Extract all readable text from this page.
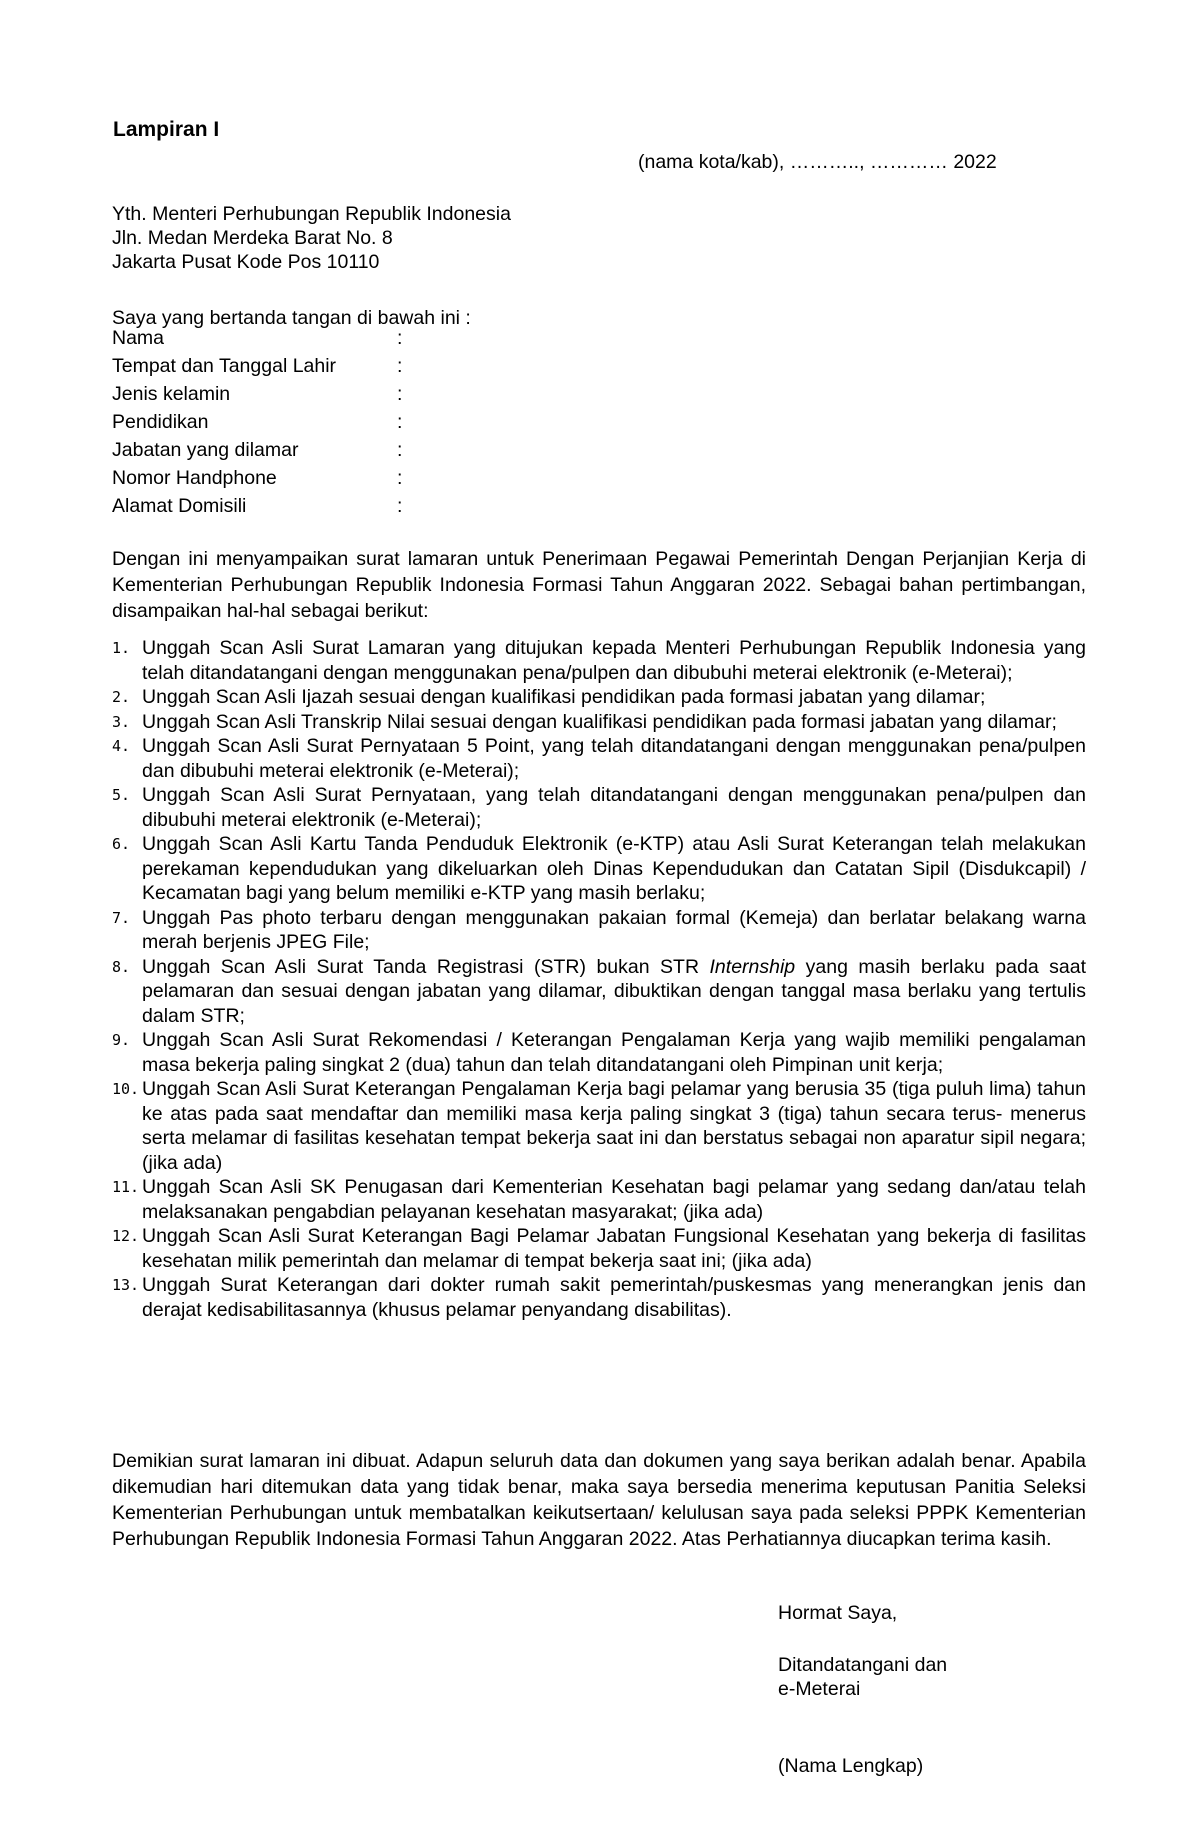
Lampiran I
(nama kota/kab), ……….., ………… 2022
Yth. Menteri Perhubungan Republik Indonesia
Jln. Medan Merdeka Barat No. 8
Jakarta Pusat Kode Pos 10110
Saya yang bertanda tangan di bawah ini :
Nama	:
Tempat dan Tanggal Lahir	:
Jenis kelamin	:
Pendidikan	:
Jabatan yang dilamar	:
Nomor Handphone	:
Alamat Domisili	:
Dengan ini menyampaikan surat lamaran untuk Penerimaan Pegawai Pemerintah Dengan Perjanjian Kerja di Kementerian Perhubungan Republik Indonesia Formasi Tahun Anggaran 2022. Sebagai bahan pertimbangan, disampaikan hal-hal sebagai berikut:
1. Unggah Scan Asli Surat Lamaran yang ditujukan kepada Menteri Perhubungan Republik Indonesia yang telah ditandatangani dengan menggunakan pena/pulpen dan dibubuhi meterai elektronik (e-Meterai);
2. Unggah Scan Asli Ijazah sesuai dengan kualifikasi pendidikan pada formasi jabatan yang dilamar;
3. Unggah Scan Asli Transkrip Nilai sesuai dengan kualifikasi pendidikan pada formasi jabatan yang dilamar;
4. Unggah Scan Asli Surat Pernyataan 5 Point, yang telah ditandatangani dengan menggunakan pena/pulpen dan dibubuhi meterai elektronik (e-Meterai);
5. Unggah Scan Asli Surat Pernyataan, yang telah ditandatangani dengan menggunakan pena/pulpen dan dibubuhi meterai elektronik (e-Meterai);
6. Unggah Scan Asli Kartu Tanda Penduduk Elektronik (e-KTP) atau Asli Surat Keterangan telah melakukan perekaman kependudukan yang dikeluarkan oleh Dinas Kependudukan dan Catatan Sipil (Disdukcapil) / Kecamatan bagi yang belum memiliki e-KTP yang masih berlaku;
7. Unggah Pas photo terbaru dengan menggunakan pakaian formal (Kemeja) dan berlatar belakang warna merah berjenis JPEG File;
8. Unggah Scan Asli Surat Tanda Registrasi (STR) bukan STR Internship yang masih berlaku pada saat pelamaran dan sesuai dengan jabatan yang dilamar, dibuktikan dengan tanggal masa berlaku yang tertulis dalam STR;
9. Unggah Scan Asli Surat Rekomendasi / Keterangan Pengalaman Kerja yang wajib memiliki pengalaman masa bekerja paling singkat 2 (dua) tahun dan telah ditandatangani oleh Pimpinan unit kerja;
10. Unggah Scan Asli Surat Keterangan Pengalaman Kerja bagi pelamar yang berusia 35 (tiga puluh lima) tahun ke atas pada saat mendaftar dan memiliki masa kerja paling singkat 3 (tiga) tahun secara terus- menerus serta melamar di fasilitas kesehatan tempat bekerja saat ini dan berstatus sebagai non aparatur sipil negara; (jika ada)
11. Unggah Scan Asli SK Penugasan dari Kementerian Kesehatan bagi pelamar yang sedang dan/atau telah melaksanakan pengabdian pelayanan kesehatan masyarakat; (jika ada)
12. Unggah Scan Asli Surat Keterangan Bagi Pelamar Jabatan Fungsional Kesehatan yang bekerja di fasilitas kesehatan milik pemerintah dan melamar di tempat bekerja saat ini; (jika ada)
13. Unggah Surat Keterangan dari dokter rumah sakit pemerintah/puskesmas yang menerangkan jenis dan derajat kedisabilitasannya (khusus pelamar penyandang disabilitas).
Demikian surat lamaran ini dibuat. Adapun seluruh data dan dokumen yang saya berikan adalah benar. Apabila dikemudian hari ditemukan data yang tidak benar, maka saya bersedia menerima keputusan Panitia Seleksi Kementerian Perhubungan untuk membatalkan keikutsertaan/ kelulusan saya pada seleksi PPPK Kementerian Perhubungan Republik Indonesia Formasi Tahun Anggaran 2022. Atas Perhatiannya diucapkan terima kasih.
Hormat Saya,
Ditandatangani dan
e-Meterai
(Nama Lengkap)
